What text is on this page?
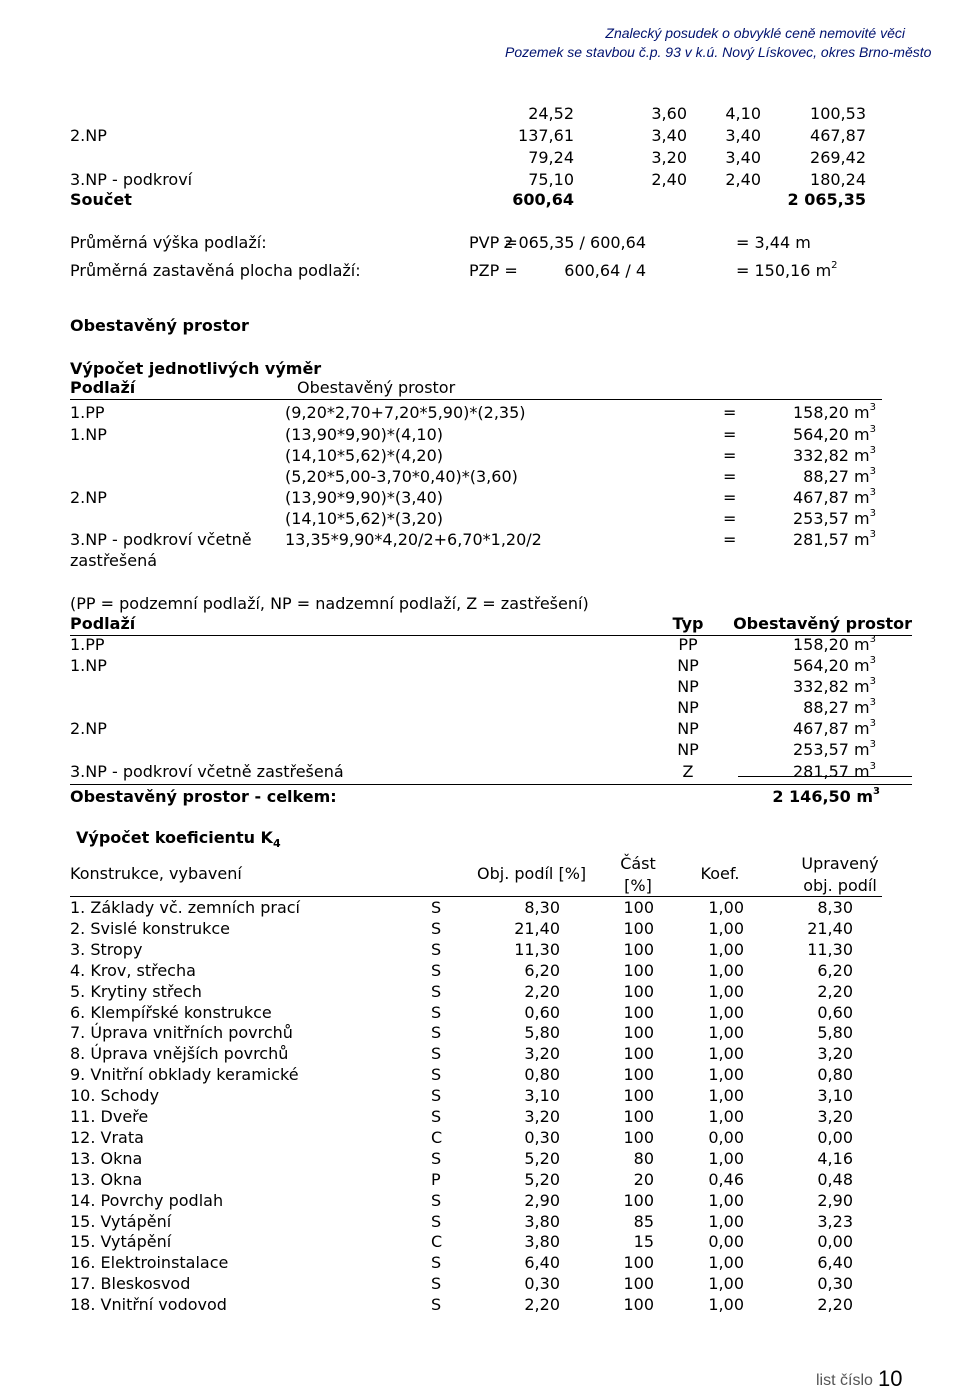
Znalecký posudek o obvyklé ceně nemovité věci
Pozemek se stavbou č.p. 93 v k.ú. Nový Lískovec, okres Brno-město
24,52	3,60	4,10	100,53
2.NP	137,61	3,40	3,40	467,87
79,24	3,20	3,40	269,42
3.NP - podkroví	75,10	2,40	2,40	180,24
Součet	600,64	2 065,35
Průměrná výška podlaží:	PVP =
2 065,35 / 600,64	= 3,44 m
Průměrná zastavěná plocha podlaží:	PZP =	600,64 / 4	= 150,16 $m^2$
Obestavěný prostor
Výpočet jednotlivých výměr
Podlaží	Obestavěný prostor
1.PP	(9,20*2,70+7,20*5,90)*(2,35)	=	158,20 $m^3$
1.NP	(13,90*9,90)*(4,10)	=	564,20 $m^3$
(14,10*5,62)*(4,20)	=	332,82 $m^3$
(5,20*5,00-3,70*0,40)*(3,60)	=	88,27 $m^3$
2.NP	(13,90*9,90)*(3,40)	=	467,87 $m^3$
(14,10*5,62)*(3,20)	=	253,57 $m^3$
3.NP - podkroví včetně
zastřešená
13,35*9,90*4,20/2+6,70*1,20/2	=	281,57 $m^3$
(PP = podzemní podlaží, NP = nadzemní podlaží, Z = zastřešení)
Podlaží	Typ	Obestavěný prostor
1.PP	PP	158,20 $m^3$
1.NP	NP	564,20 $m^3$
NP	332,82 $m^3$
NP	88,27 $m^3$
2.NP	NP	467,87 $m^3$
NP	253,57 $m^3$
3.NP - podkroví včetně zastřešená	Z	281,57 $m^3$
Obestavěný prostor - celkem:	2 146,50 $m^3$
Výpočet koeficientu $K_4$
Konstrukce, vybavení	Obj. podíl [%]
Část
[%]
Koef.
Upravený
obj. podíl
1. Základy vč. zemních prací	S	8,30	100	1,00	8,30
2. Svislé konstrukce	S	21,40	100	1,00	21,40
3. Stropy	S	11,30	100	1,00	11,30
4. Krov, střecha	S	6,20	100	1,00	6,20
5. Krytiny střech	S	2,20	100	1,00	2,20
6. Klempířské konstrukce	S	0,60	100	1,00	0,60
7. Úprava vnitřních povrchů	S	5,80	100	1,00	5,80
8. Úprava vnějších povrchů	S	3,20	100	1,00	3,20
9. Vnitřní obklady keramické	S	0,80	100	1,00	0,80
10. Schody	S	3,10	100	1,00	3,10
11. Dveře	S	3,20	100	1,00	3,20
12. Vrata	C	0,30	100	0,00	0,00
13. Okna	S	5,20	80	1,00	4,16
13. Okna	P	5,20	20	0,46	0,48
14. Povrchy podlah	S	2,90	100	1,00	2,90
15. Vytápění	S	3,80	85	1,00	3,23
15. Vytápění	C	3,80	15	0,00	0,00
16. Elektroinstalace	S	6,40	100	1,00	6,40
17. Bleskosvod	S	0,30	100	1,00	0,30
18. Vnitřní vodovod	S	2,20	100	1,00	2,20
list číslo 10
